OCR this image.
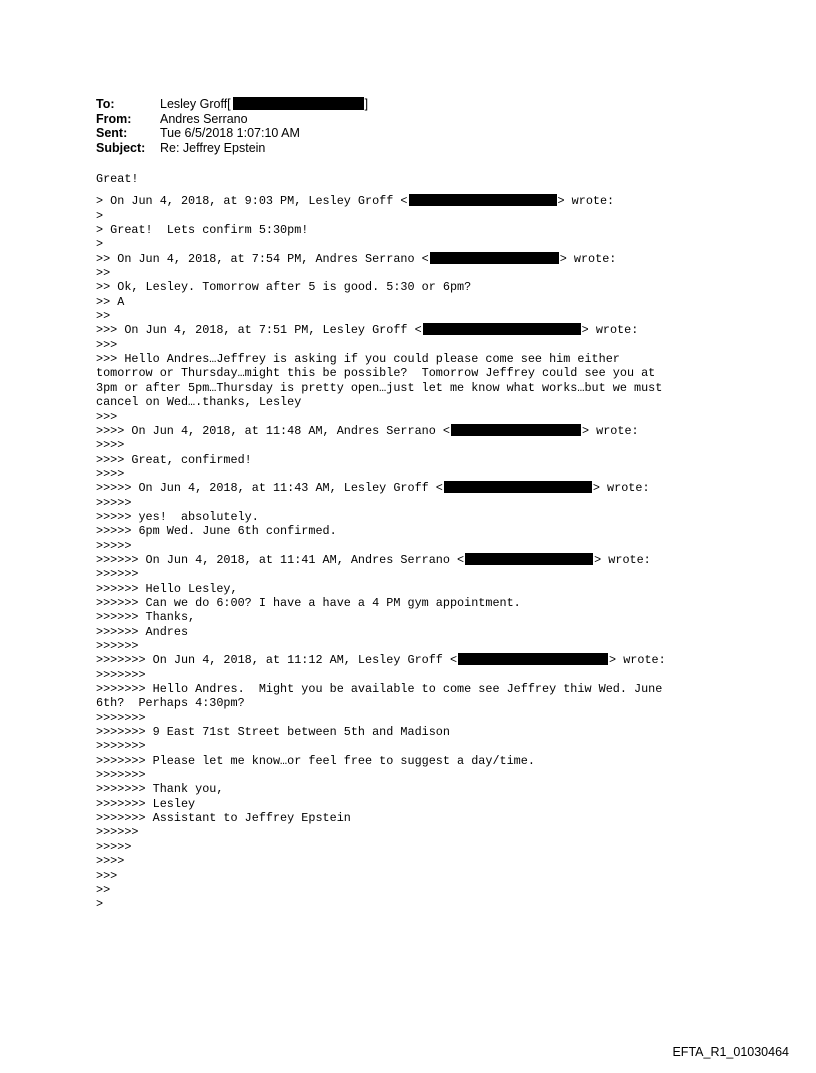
To:	Lesley Groff[	]
From:	Andres Serrano
Sent:	Tue 6/5/2018 1:07:10 AM
Subject:	Re: Jeffrey Epstein
Great!
> On Jun 4, 2018, at 9:03 PM, Lesley Groff <	> wrote:
>
> Great!  Lets confirm 5:30pm!
>
>> On Jun 4, 2018, at 7:54 PM, Andres Serrano <	> wrote:
>>
>> Ok, Lesley. Tomorrow after 5 is good. 5:30 or 6pm?
>> A
>>
>>> On Jun 4, 2018, at 7:51 PM, Lesley Groff <	> wrote:
>>>
>>> Hello Andres…Jeffrey is asking if you could please come see him either
tomorrow or Thursday…might this be possible?  Tomorrow Jeffrey could see you at
3pm or after 5pm…Thursday is pretty open…just let me know what works…but we must
cancel on Wed….thanks, Lesley
>>>
>>>> On Jun 4, 2018, at 11:48 AM, Andres Serrano <	> wrote:
>>>>
>>>> Great, confirmed!
>>>>
>>>>> On Jun 4, 2018, at 11:43 AM, Lesley Groff <	> wrote:
>>>>>
>>>>> yes!  absolutely.
>>>>> 6pm Wed. June 6th confirmed.
>>>>>
>>>>>> On Jun 4, 2018, at 11:41 AM, Andres Serrano <	> wrote:
>>>>>>
>>>>>> Hello Lesley,
>>>>>> Can we do 6:00? I have a have a 4 PM gym appointment.
>>>>>> Thanks,
>>>>>> Andres
>>>>>>
>>>>>>> On Jun 4, 2018, at 11:12 AM, Lesley Groff <	> wrote:
>>>>>>>
>>>>>>> Hello Andres.  Might you be available to come see Jeffrey thiw Wed. June
6th?  Perhaps 4:30pm?
>>>>>>>
>>>>>>> 9 East 71st Street between 5th and Madison
>>>>>>>
>>>>>>> Please let me know…or feel free to suggest a day/time.
>>>>>>>
>>>>>>> Thank you,
>>>>>>> Lesley
>>>>>>> Assistant to Jeffrey Epstein
>>>>>>
>>>>>
>>>>
>>>
>>
>
EFTA_R1_01030464
